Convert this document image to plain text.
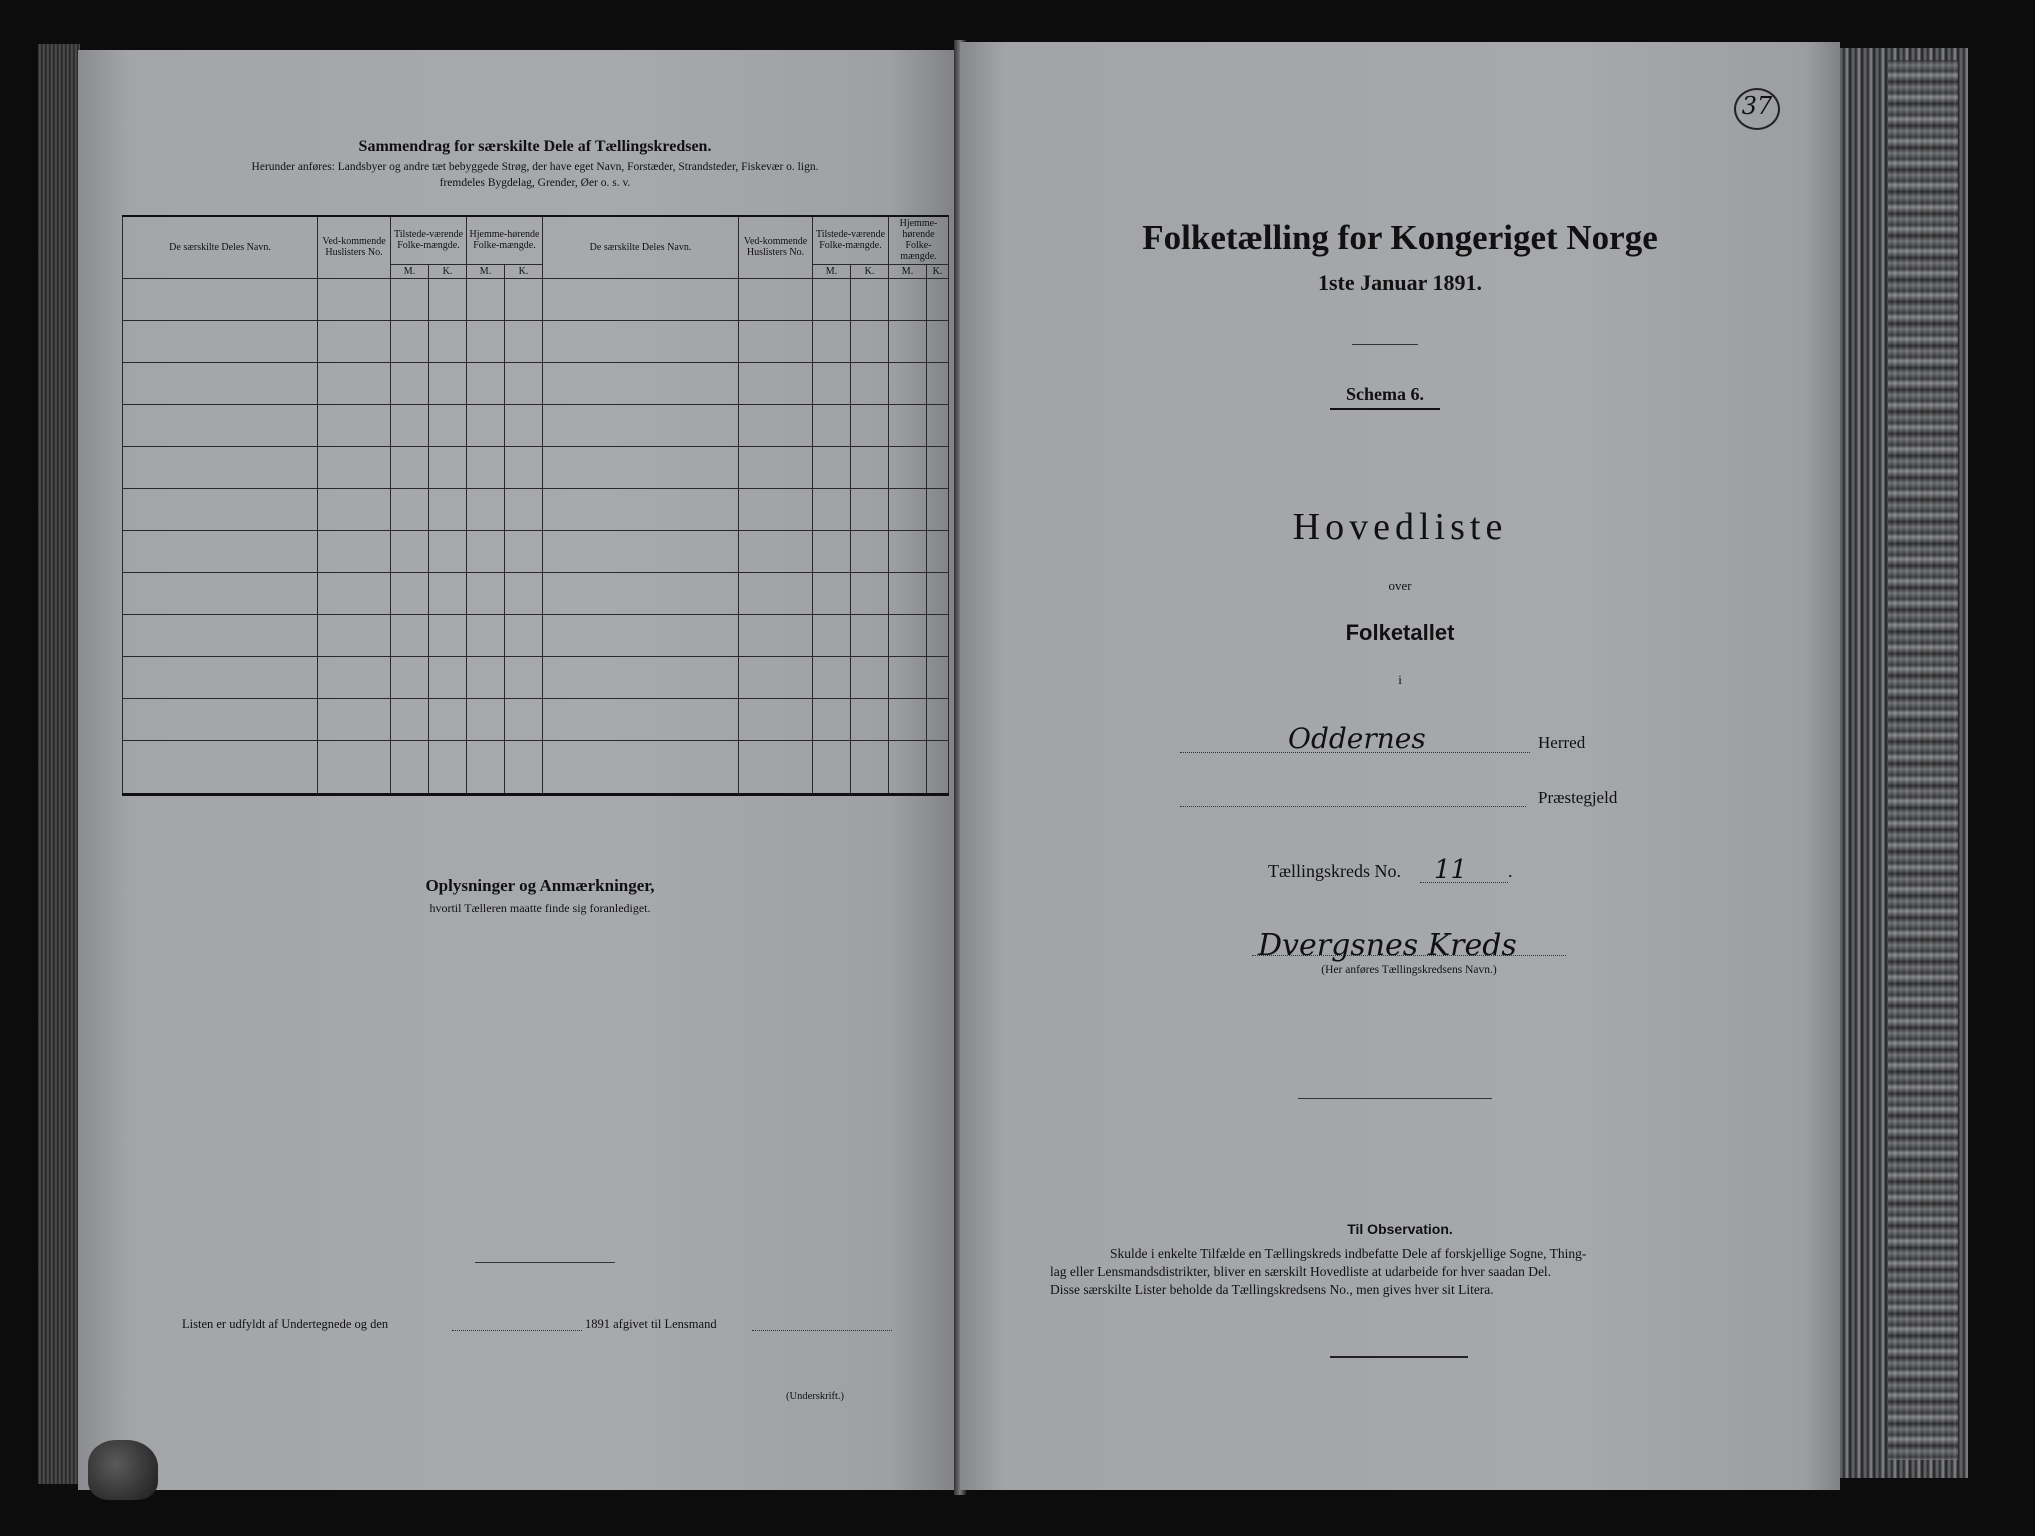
Sammendrag for særskilte Dele af Tællingskredsen.
Herunder anføres: Landsbyer og andre tæt bebyggede Strøg, der have eget Navn, Forstæder, Strandsteder, Fiskevær o. lign.
fremdeles Bygdelag, Grender, Øer o. s. v.
De særskilte Deles Navn.	Ved-kommende Huslisters No.	Tilstede-værende Folke-mængde.		Hjemme-hørende Folke-mængde.		De særskilte Deles Navn.	Ved-kommende Huslisters No.	Tilstede-værende Folke-mængde.		Hjemme-hørende Folke-mængde.	
		M.	K.	M.	K.			M.	K.	M.	K.

Oplysninger og Anmærkninger,
hvortil Tælleren maatte finde sig foranlediget.
Listen er udfyldt af Undertegnede og den	1891 afgivet til Lensmand
(Underskrift.)
37
Folketælling for Kongeriget Norge
1ste Januar 1891.
Schema 6.
Hovedliste
over
Folketallet
i
Oddernes	Herred
Præstegjeld
Tællingskreds No. 11 .
Dvergsnes Kreds
(Her anføres Tællingskredsens Navn.)
Til Observation.
Skulde i enkelte Tilfælde en Tællingskreds indbefatte Dele af forskjellige Sogne, Thing-
lag eller Lensmandsdistrikter, bliver en særskilt Hovedliste at udarbeide for hver saadan Del.
Disse særskilte Lister beholde da Tællingskredsens No., men gives hver sit Litera.
